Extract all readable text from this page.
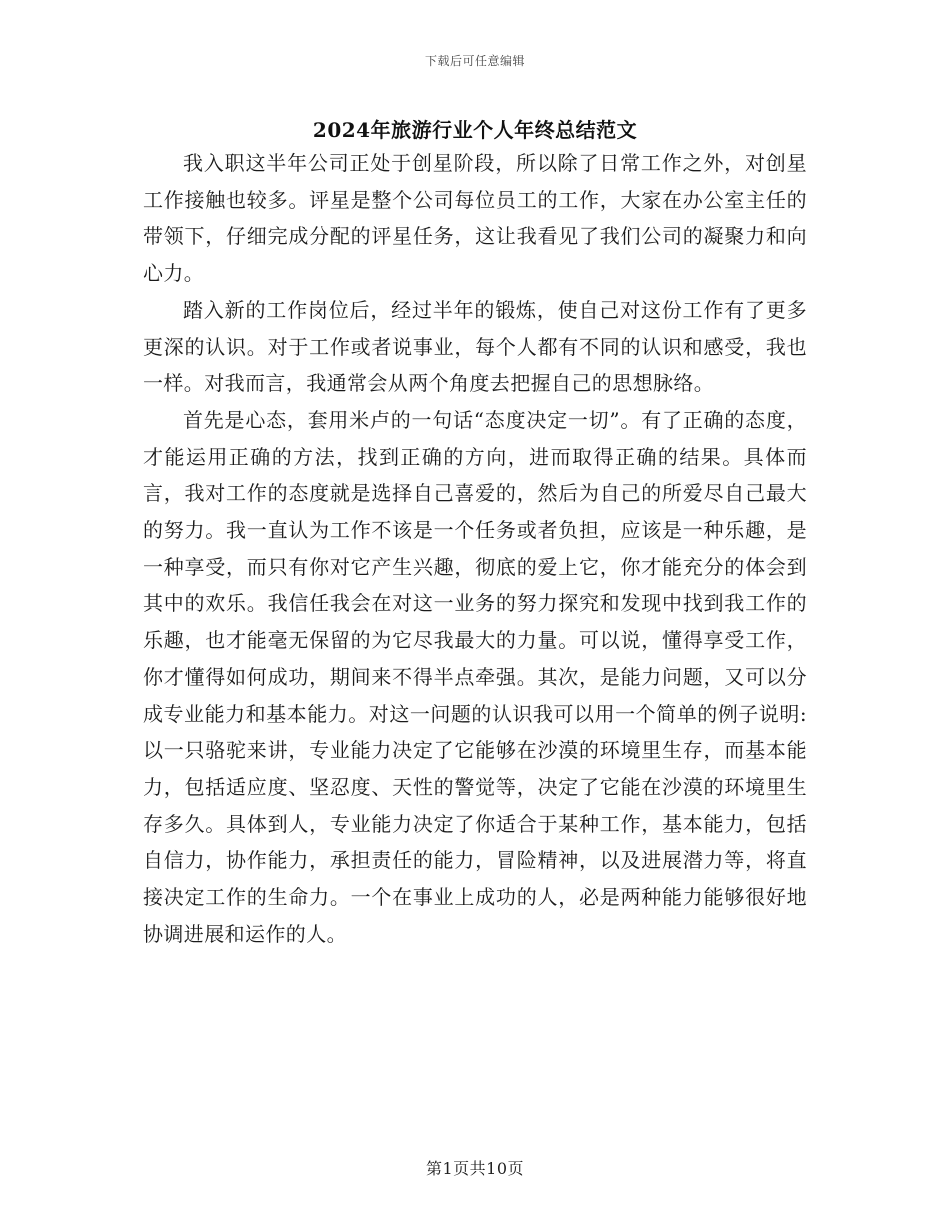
下载后可任意编辑
2024年旅游行业个人年终总结范文

我入职这半年公司正处于创星阶段，所以除了日常工作之外，对创星工作接触也较多。评星是整个公司每位员工的工作，大家在办公室主任的带领下，仔细完成分配的评星任务，这让我看见了我们公司的凝聚力和向心力。

踏入新的工作岗位后，经过半年的锻炼，使自己对这份工作有了更多更深的认识。对于工作或者说事业，每个人都有不同的认识和感受，我也一样。对我而言，我通常会从两个角度去把握自己的思想脉络。

首先是心态，套用米卢的一句话“态度决定一切”。有了正确的态度，才能运用正确的方法，找到正确的方向，进而取得正确的结果。具体而言，我对工作的态度就是选择自己喜爱的，然后为自己的所爱尽自己最大的努力。我一直认为工作不该是一个任务或者负担，应该是一种乐趣，是一种享受，而只有你对它产生兴趣，彻底的爱上它，你才能充分的体会到其中的欢乐。我信任我会在对这一业务的努力探究和发现中找到我工作的乐趣，也才能毫无保留的为它尽我最大的力量。可以说，懂得享受工作，你才懂得如何成功，期间来不得半点牵强。其次，是能力问题，又可以分成专业能力和基本能力。对这一问题的认识我可以用一个简单的例子说明:以一只骆驼来讲，专业能力决定了它能够在沙漠的环境里生存，而基本能力，包括适应度、坚忍度、天性的警觉等，决定了它能在沙漠的环境里生存多久。具体到人，专业能力决定了你适合于某种工作，基本能力，包括自信力，协作能力，承担责任的能力，冒险精神，以及进展潜力等，将直接决定工作的生命力。一个在事业上成功的人，必是两种能力能够很好地协调进展和运作的人。

第1页共10页
